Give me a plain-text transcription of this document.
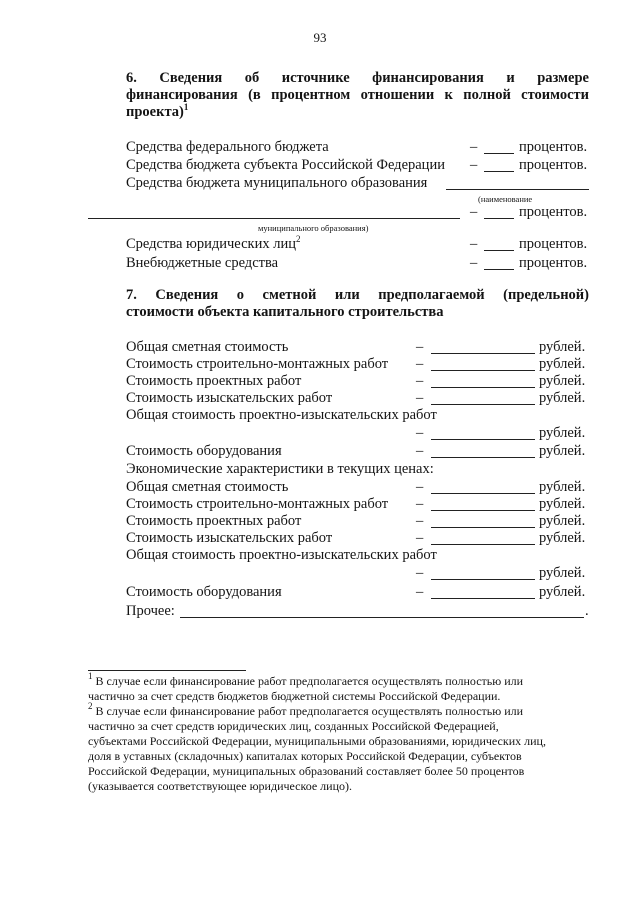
93
6. Сведения об источнике финансирования и размере
финансирования (в процентном отношении к полной стоимости
проекта)$^1$
Средства федерального бюджета	–	процентов.
Средства бюджета субъекта Российской Федерации –	процентов.
Средства бюджета муниципального образования
(наименование
–	процентов.
муниципального образования)
Средства юридических лиц$^2$	–	процентов.
Внебюджетные средства	–	процентов.
7. Сведения о сметной или предполагаемой (предельной)
стоимости объекта капитального строительства
Общая сметная стоимость	–	рублей.
Стоимость строительно-монтажных работ –	рублей.
Стоимость проектных работ	–	рублей.
Стоимость изыскательских работ	–	рублей.
Общая стоимость проектно-изыскательских работ
–	рублей.
Стоимость оборудования	–	рублей.
Экономические характеристики в текущих ценах:
Общая сметная стоимость	–	рублей.
Стоимость строительно-монтажных работ –	рублей.
Стоимость проектных работ	–	рублей.
Стоимость изыскательских работ	–	рублей.
Общая стоимость проектно-изыскательских работ
–	рублей.
Стоимость оборудования	–	рублей.
Прочее:	.
$^1$ В случае если финансирование работ предполагается осуществлять полностью или
частично за счет средств бюджетов бюджетной системы Российской Федерации.
$^2$ В случае если финансирование работ предполагается осуществлять полностью или
частично за счет средств юридических лиц, созданных Российской Федерацией,
субъектами Российской Федерации, муниципальными образованиями, юридических лиц,
доля в уставных (складочных) капиталах которых Российской Федерации, субъектов
Российской Федерации, муниципальных образований составляет более 50 процентов
(указывается соответствующее юридическое лицо).
